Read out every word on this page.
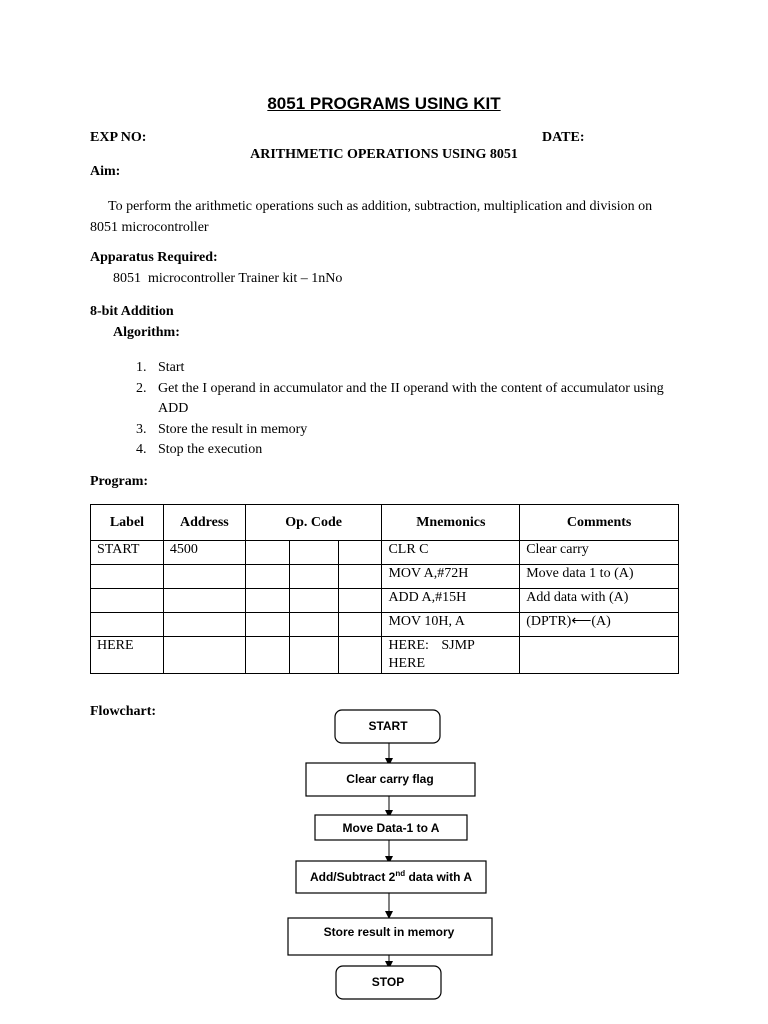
8051 PROGRAMS USING KIT
EXP NO:	DATE:
ARITHMETIC OPERATIONS USING 8051
Aim:
To perform the arithmetic operations such as addition, subtraction, multiplication and division on 8051 microcontroller
Apparatus Required:
8051  microcontroller Trainer kit – 1nNo
8-bit Addition
Algorithm:
1. Start
2. Get the I operand in accumulator and the II operand with the content of accumulator using ADD
3. Store the result in memory
4. Stop the execution
Program:
Label	Address	Op. Code			Mnemonics	Comments
START	4500				CLR C	Clear carry
					MOV A,#72H	Move data 1 to (A)
					ADD A,#15H	Add data with (A)
					MOV 10H, A	(DPTR)⟵(A)
HERE					HERE: SJMP HERE	
Flowchart:
START
Clear carry flag
Move Data-1 to A
Add/Subtract 2nd data with A
Store result in memory
STOP
